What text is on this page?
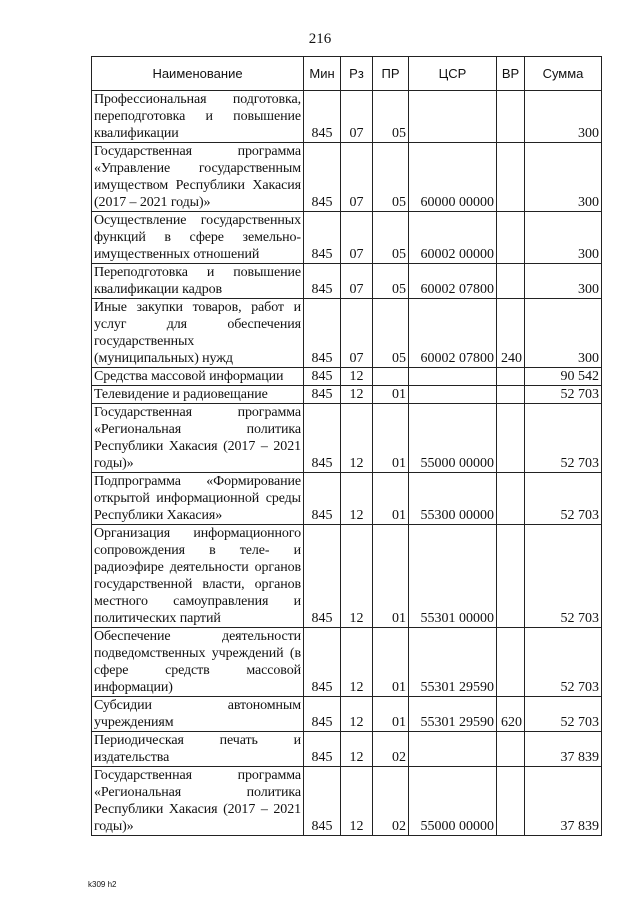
216
Наименование	Мин	Рз	ПР	ЦСР	ВР	Сумма
Профессиональная подготовка, переподготовка и повышение квалификации	845	07	05			300
Государственная программа «Управление государственным имуществом Республики Хакасия (2017 – 2021 годы)»	845	07	05	60000 00000		300
Осуществление государственных функций в сфере земельно-имущественных отношений	845	07	05	60002 00000		300
Переподготовка и повышение квалификации кадров	845	07	05	60002 07800		300
Иные закупки товаров, работ и услуг для обеспечения государственных (муниципальных) нужд	845	07	05	60002 07800	240	300
Средства массовой информации	845	12				90 542
Телевидение и радиовещание	845	12	01			52 703
Государственная программа «Региональная политика Республики Хакасия (2017 – 2021 годы)»	845	12	01	55000 00000		52 703
Подпрограмма «Формирование открытой информационной среды Республики Хакасия»	845	12	01	55300 00000		52 703
Организация информационного сопровождения в теле- и радиоэфире деятельности органов государственной власти, органов местного самоуправления и политических партий	845	12	01	55301 00000		52 703
Обеспечение деятельности подведомственных учреждений (в сфере средств массовой информации)	845	12	01	55301 29590		52 703
Субсидии автономным учреждениям	845	12	01	55301 29590	620	52 703
Периодическая печать и издательства	845	12	02			37 839
Государственная программа «Региональная политика Республики Хакасия (2017 – 2021 годы)»	845	12	02	55000 00000		37 839
k309 h2
